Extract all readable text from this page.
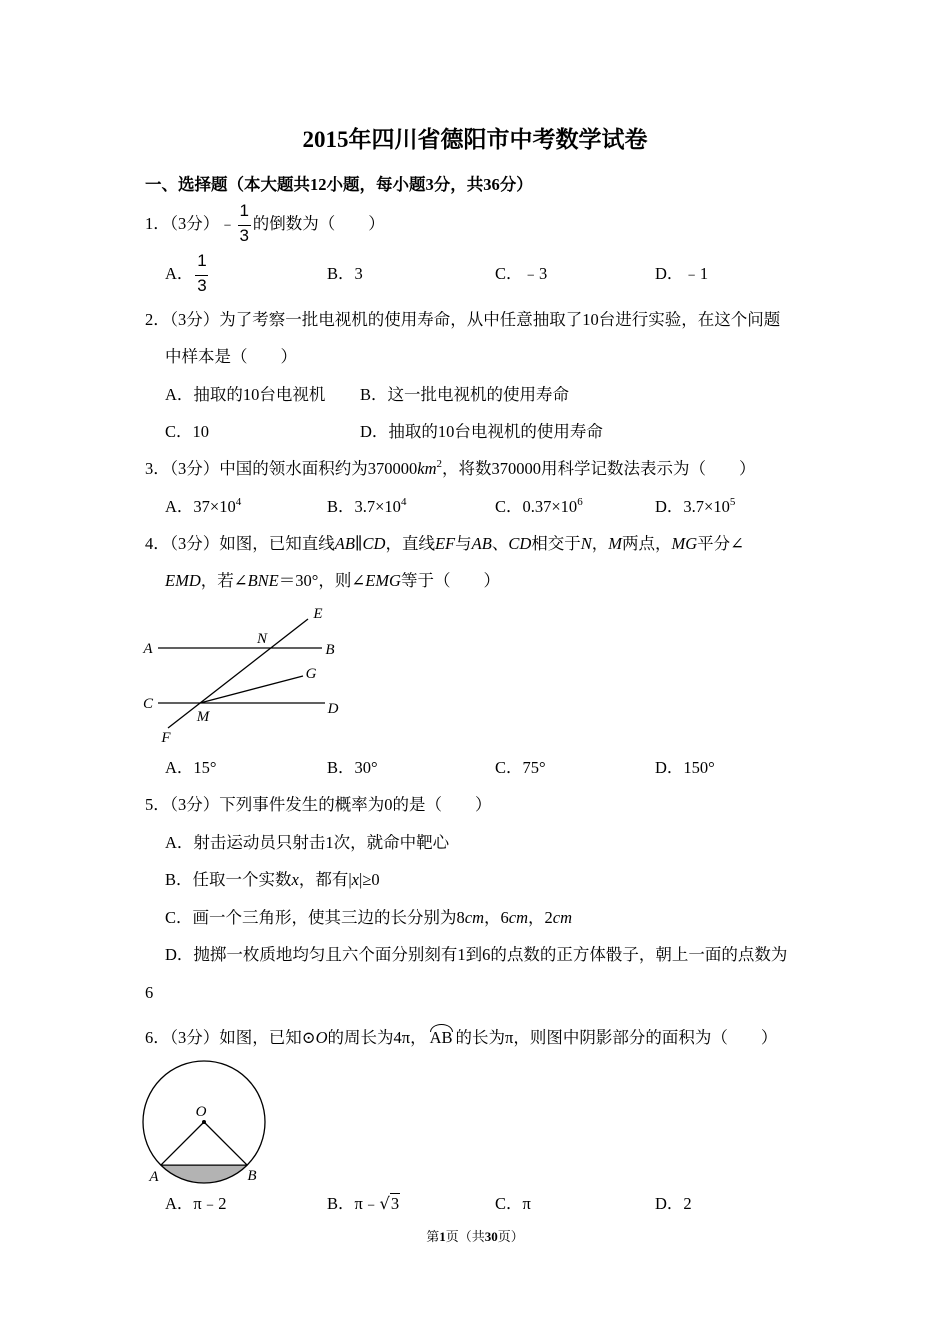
2015年四川省德阳市中考数学试卷
一、选择题（本大题共12小题，每小题3分，共36分）
1．（3分）﹣ $\frac{1}{3}$ 的倒数为（　　）
A． $\frac{1}{3}$	B．3	C．﹣3	D．﹣1
2．（3分）为了考察一批电视机的使用寿命，从中任意抽取了10台进行实验，在这个问题
中样本是（　　）
A．抽取的10台电视机 B．这一批电视机的使用寿命
C．10	D．抽取的10台电视机的使用寿命
3．（3分）中国的领水面积约为$370000km^2$，将数370000用科学记数法表示为（　　）
A．$37\times 10^4$	B．$3.7\times 10^4$	C．$0.37\times 10^6$	D．$3.7\times 10^5$
4．（3分）如图，已知直线AB∥CD，直线EF与AB、CD相交于N，M两点，MG平分∠
EMD，若∠BNE＝30°，则∠EMG等于（　　）
E
N
A	B
G
C
M	D
F
A．15°	B．30°	C．75°	D．150°
5．（3分）下列事件发生的概率为0的是（　　）
A．射击运动员只射击1次，就命中靶心
B．任取一个实数x，都有|x|≥0
C．画一个三角形，使其三边的长分别为8cm，6cm，2cm
D．抛掷一枚质地均匀且六个面分别刻有1到6的点数的正方体骰子，朝上一面的点数为
6
6．（3分）如图，已知⊙O的周长为4π， AB 的长为π，则图中阴影部分的面积为（　　）
O
A	B
A．π﹣2	B．π﹣√3	C．π	D．2
第1页（共30页）
